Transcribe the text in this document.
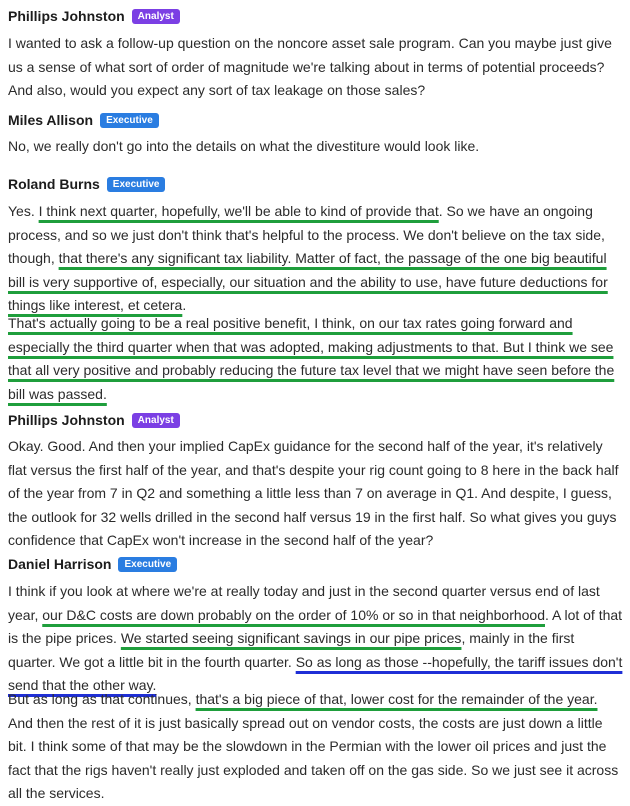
Phillips Johnston	Analyst

I wanted to ask a follow-up question on the noncore asset sale program. Can you maybe just give us a sense of what sort of order of magnitude we're talking about in terms of potential proceeds? And also, would you expect any sort of tax leakage on those sales?

Miles Allison	Executive

No, we really don't go into the details on what the divestiture would look like.

Roland Burns	Executive

Yes. I think next quarter, hopefully, we'll be able to kind of provide that. So we have an ongoing process, and so we just don't think that's helpful to the process. We don't believe on the tax side, though, that there's any significant tax liability. Matter of fact, the passage of the one big beautiful bill is very supportive of, especially, our situation and the ability to use, have future deductions for things like interest, et cetera.

That's actually going to be a real positive benefit, I think, on our tax rates going forward and especially the third quarter when that was adopted, making adjustments to that. But I think we see that all very positive and probably reducing the future tax level that we might have seen before the bill was passed.

Phillips Johnston	Analyst

Okay. Good. And then your implied CapEx guidance for the second half of the year, it's relatively flat versus the first half of the year, and that's despite your rig count going to 8 here in the back half of the year from 7 in Q2 and something a little less than 7 on average in Q1. And despite, I guess, the outlook for 32 wells drilled in the second half versus 19 in the first half. So what gives you guys confidence that CapEx won't increase in the second half of the year?

Daniel Harrison	Executive

I think if you look at where we're at really today and just in the second quarter versus end of last year, our D&C costs are down probably on the order of 10% or so in that neighborhood. A lot of that is the pipe prices. We started seeing significant savings in our pipe prices, mainly in the first quarter. We got a little bit in the fourth quarter. So as long as those --hopefully, the tariff issues don't send that the other way.

But as long as that continues, that's a big piece of that, lower cost for the remainder of the year. And then the rest of it is just basically spread out on vendor costs, the costs are just down a little bit. I think some of that may be the slowdown in the Permian with the lower oil prices and just the fact that the rigs haven't really just exploded and taken off on the gas side. So we just see it across all the services.
